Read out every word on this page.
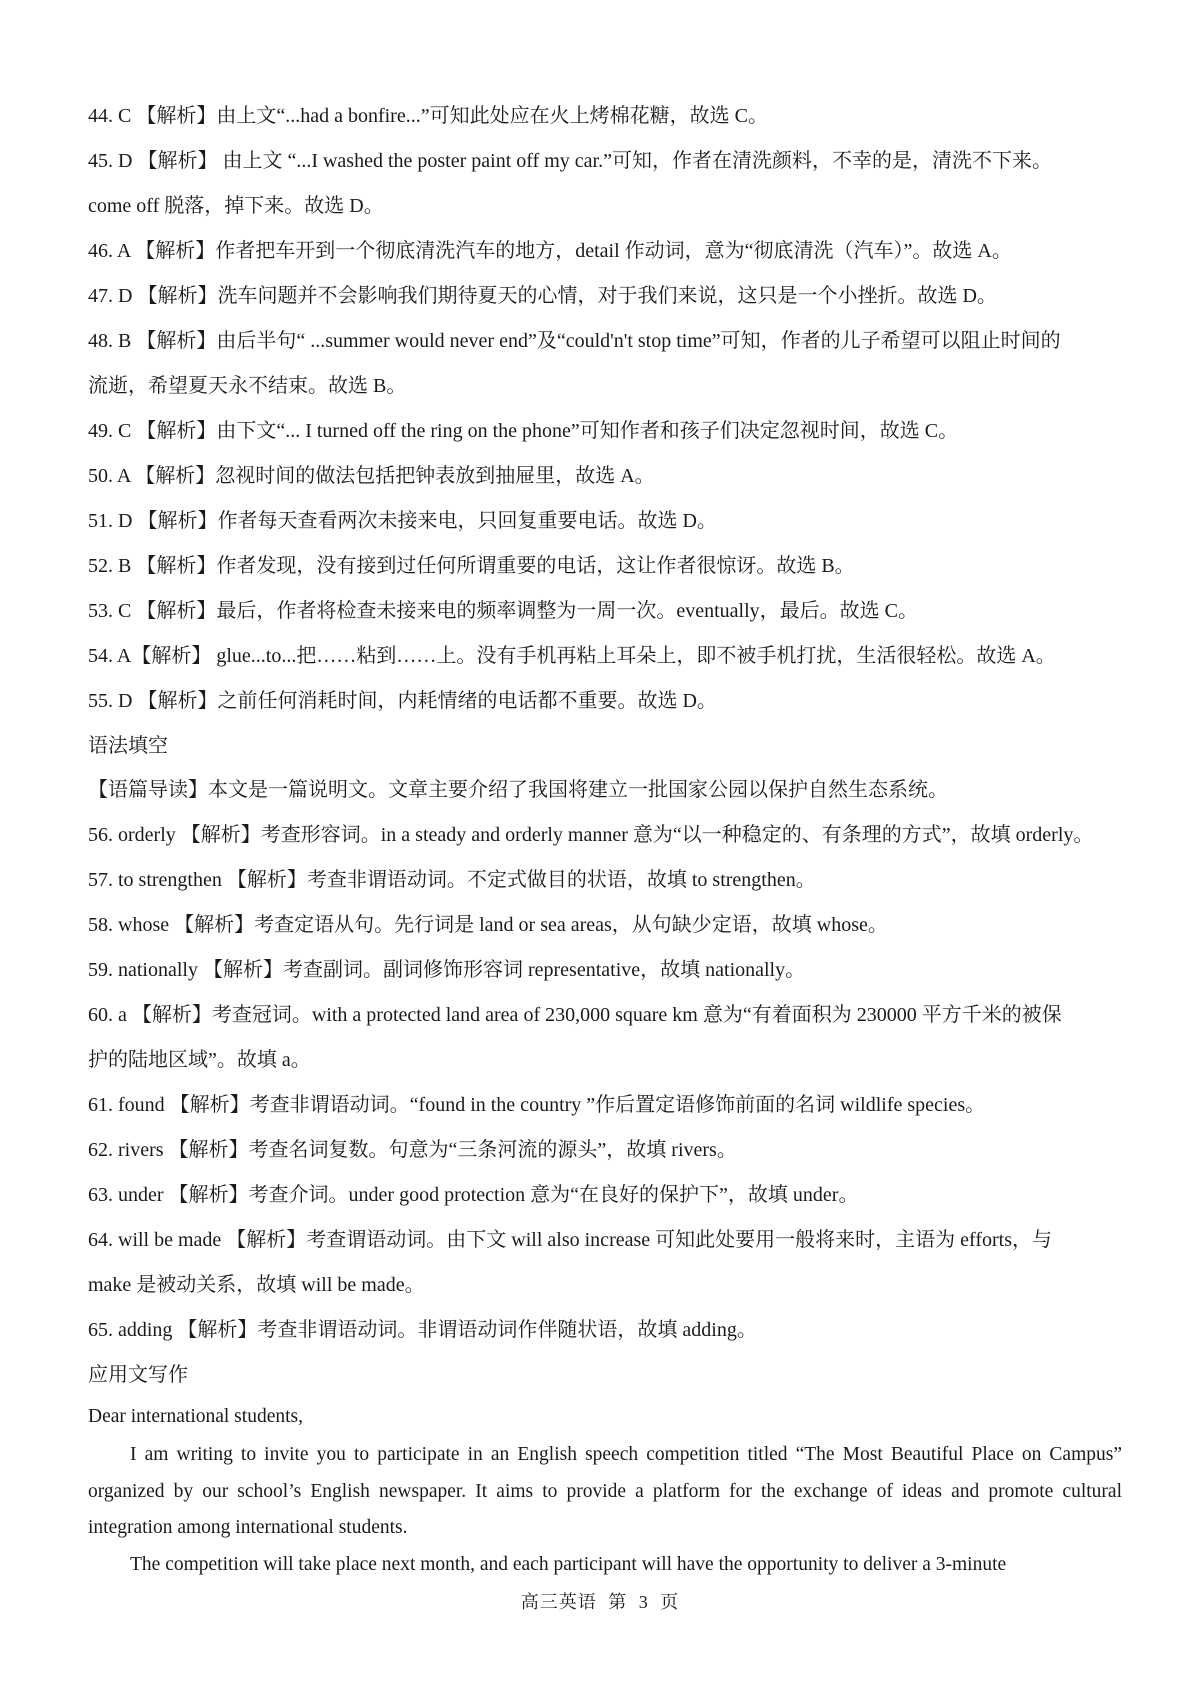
44. C 【解析】由上文“...had a bonfire...”可知此处应在火上烤棉花糖，故选 C。
45. D 【解析】 由上文 “...I washed the poster paint off my car.”可知，作者在清洗颜料，不幸的是，清洗不下来。
come off 脱落，掉下来。故选 D。
46. A 【解析】作者把车开到一个彻底清洗汽车的地方，detail 作动词，意为“彻底清洗（汽车）”。故选 A。
47. D 【解析】洗车问题并不会影响我们期待夏天的心情，对于我们来说，这只是一个小挫折。故选 D。
48. B 【解析】由后半句“ ...summer would never end”及“could'n't stop time”可知，作者的儿子希望可以阻止时间的
流逝，希望夏天永不结束。故选 B。
49. C 【解析】由下文“... I turned off the ring on the phone”可知作者和孩子们决定忽视时间，故选 C。
50. A 【解析】忽视时间的做法包括把钟表放到抽屉里，故选 A。
51. D 【解析】作者每天查看两次未接来电，只回复重要电话。故选 D。
52. B 【解析】作者发现，没有接到过任何所谓重要的电话，这让作者很惊讶。故选 B。
53. C 【解析】最后，作者将检查未接来电的频率调整为一周一次。eventually，最后。故选 C。
54. A【解析】 glue...to...把……粘到……上。没有手机再粘上耳朵上，即不被手机打扰，生活很轻松。故选 A。
55. D 【解析】之前任何消耗时间，内耗情绪的电话都不重要。故选 D。
语法填空
【语篇导读】本文是一篇说明文。文章主要介绍了我国将建立一批国家公园以保护自然生态系统。
56. orderly 【解析】考查形容词。in a steady and orderly manner 意为“以一种稳定的、有条理的方式”，故填 orderly。
57. to strengthen 【解析】考查非谓语动词。不定式做目的状语，故填 to strengthen。
58. whose 【解析】考查定语从句。先行词是 land or sea areas，从句缺少定语，故填 whose。
59. nationally 【解析】考查副词。副词修饰形容词 representative，故填 nationally。
60. a 【解析】考查冠词。with a protected land area of 230,000 square km 意为“有着面积为 230000 平方千米的被保
护的陆地区域”。故填 a。
61. found 【解析】考查非谓语动词。“found in the country ”作后置定语修饰前面的名词 wildlife species。
62. rivers 【解析】考查名词复数。句意为“三条河流的源头”，故填 rivers。
63. under 【解析】考查介词。under good protection 意为“在良好的保护下”，故填 under。
64. will be made 【解析】考查谓语动词。由下文 will also increase 可知此处要用一般将来时，主语为 efforts，与
make 是被动关系，故填 will be made。
65. adding 【解析】考查非谓语动词。非谓语动词作伴随状语，故填 adding。
应用文写作
Dear international students,
I am writing to invite you to participate in an English speech competition titled “The Most Beautiful Place on Campus” organized by our school’s English newspaper. It aims to provide a platform for the exchange of ideas and promote cultural integration among international students.
The competition will take place next month, and each participant will have the opportunity to deliver a 3-minute
高三英语 第 3 页
